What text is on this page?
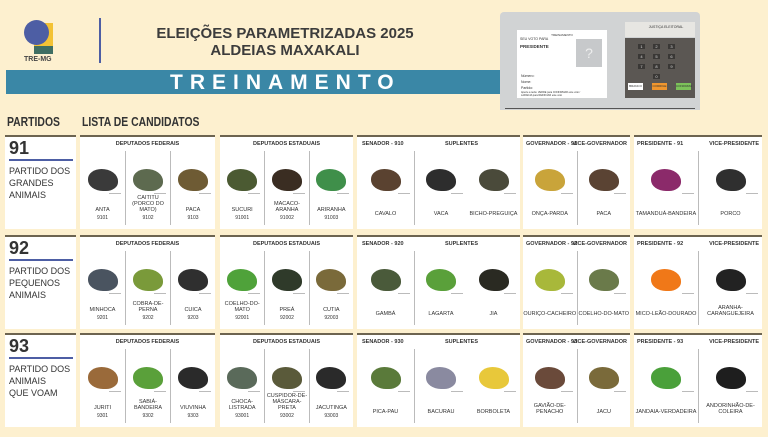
TRE-MG
ELEIÇÕES PARAMETRIZADAS 2025
ALDEIAS MAXAKALI
TREINAMENTO
TREINAMENTO
SEU VOTO PARA
PRESIDENTE	?
Número:
Nome:
Partido:
Aperte a tecla: VERDE para CONFIRMAR este voto / LARANJA para REINICIAR este voto
JUSTIÇA ELEITORAL
BRANCO	CORRIGE	CONFIRMA
1	2	3
4	5	6
7	8	9
0
PARTIDOS LISTA DE CANDIDATOS
91
PARTIDO DOS
GRANDES
ANIMAIS
DEPUTADOS FEDERAIS
ANTA
9101
CAITITU (PORCO DO MATO)
9102
PACA
9103
DEPUTADOS ESTADUAIS
SUCURI
91001
MACACO-ARANHA
91002
ARIRANHA
91003
SENADOR - 910	SUPLENTES
CAVALO	VACA	BICHO-PREGUIÇA
GOVERNADOR - 91
VICE-GOVERNADOR
ONÇA-PARDA	PACA
PRESIDENTE - 91	VICE-PRESIDENTE
TAMANDUÁ-BANDEIRA	PORCO
92
PARTIDO DOS
PEQUENOS
ANIMAIS
DEPUTADOS FEDERAIS
MINHOCA
9201
COBRA-DE-PERNA
9202
CUICA
9203
DEPUTADOS ESTADUAIS
COELHO-DO-MATO
92001
PREÁ
92002
CUTIA
92003
SENADOR - 920	SUPLENTES
GAMBÁ	LAGARTA	JIA
GOVERNADOR - 92
VICE-GOVERNADOR
OURIÇO-CACHEIRO COELHO-DO-MATO
PRESIDENTE - 92	VICE-PRESIDENTE
MICO-LEÃO-DOURADO
ARANHA-CARANGUEJEIRA
93
PARTIDO DOS
ANIMAIS
QUE VOAM
DEPUTADOS FEDERAIS
JURITI
9301
SABIÁ-BANDEIRA
9302
VIUVINHA
9303
DEPUTADOS ESTADUAIS
CHOCA-LISTRADA
93001
CUSPIDOR-DE-MÁSCARA-PRETA
93002
JACUTINGA
93003
SENADOR - 930	SUPLENTES
PICA-PAU	BACURAU	BORBOLETA
GOVERNADOR - 93
VICE-GOVERNADOR
GAVIÃO-DE-PENACHO	JACU
PRESIDENTE - 93	VICE-PRESIDENTE
JANDAIA-VERDADEIRA
ANDORINHÃO-DE-COLEIRA
